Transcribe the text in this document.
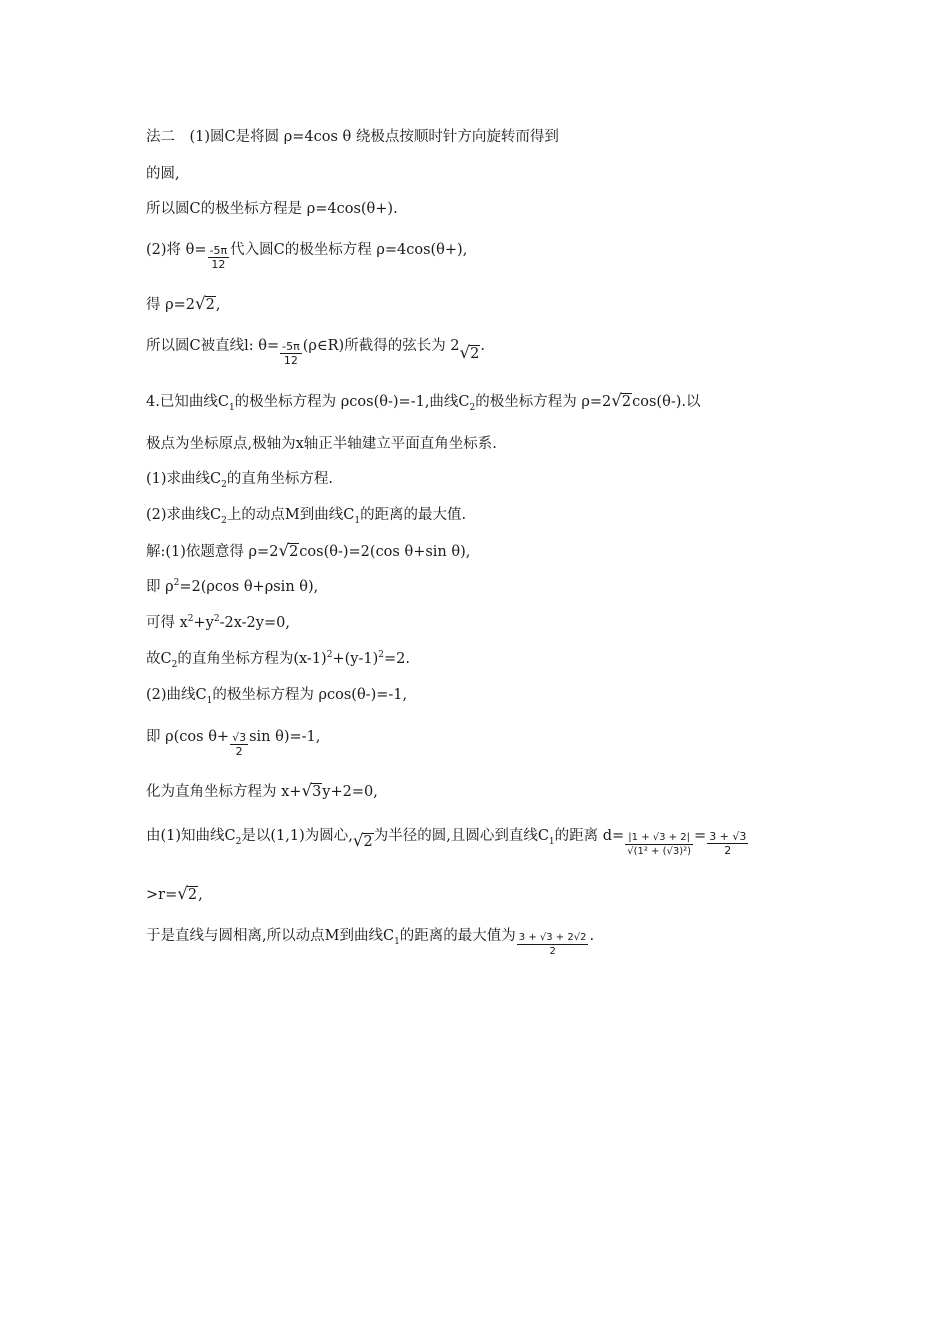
法二　(1)圆C是将圆 ρ=4cos θ 绕极点按顺时针方向旋转而得到
的圆,
所以圆C的极坐标方程是 ρ=4cos(θ+).
(2)将 $\theta= \frac{-5\pi}{12}$ 代入圆C的极坐标方程 ρ=4cos(θ+),
得 ρ=2√2,
所以圆C被直线l: $\theta= \frac{-5\pi}{12}$ (ρ∈R)所截得的弦长为 2√2.
4.已知曲线$C_1$的极坐标方程为 ρcos(θ-)=-1,曲线$C_2$的极坐标方程为 ρ=2√2cos(θ-).以
极点为坐标原点,极轴为x轴正半轴建立平面直角坐标系.
(1)求曲线$C_2$的直角坐标方程.
(2)求曲线$C_2$上的动点M到曲线$C_1$的距离的最大值.
解:(1)依题意得 ρ=2√2cos(θ-)=2(cos θ+sin θ),
即 $\rho^2=2(\rho\cos$ θ+ρsin θ),
可得 $x^2+y^2-2x-2y=0$,
故$C_2$的直角坐标方程为$(x-1)^2+(y-1)^2=2$.
(2)曲线$C_1$的极坐标方程为 ρcos(θ-)=-1,
即 ρ(cos $\theta+ \frac{√3}{2}$ sin θ)=-1,
化为直角坐标方程为 x+√3y+2=0,
由(1)知曲线$C_2$是以(1,1)为圆心,√2为半径的圆,且圆心到直线$C_1$的距离 $d= \frac{|1 + √3 + 2|}{\text{√(1² + (√3)²)}} = \frac{3 + √3}{2}$
>r=√2,
于是直线与圆相离,所以动点M到曲线$C_1$的距离的最大值为 $\frac{3 + √3 + 2√2}{2}$ .
